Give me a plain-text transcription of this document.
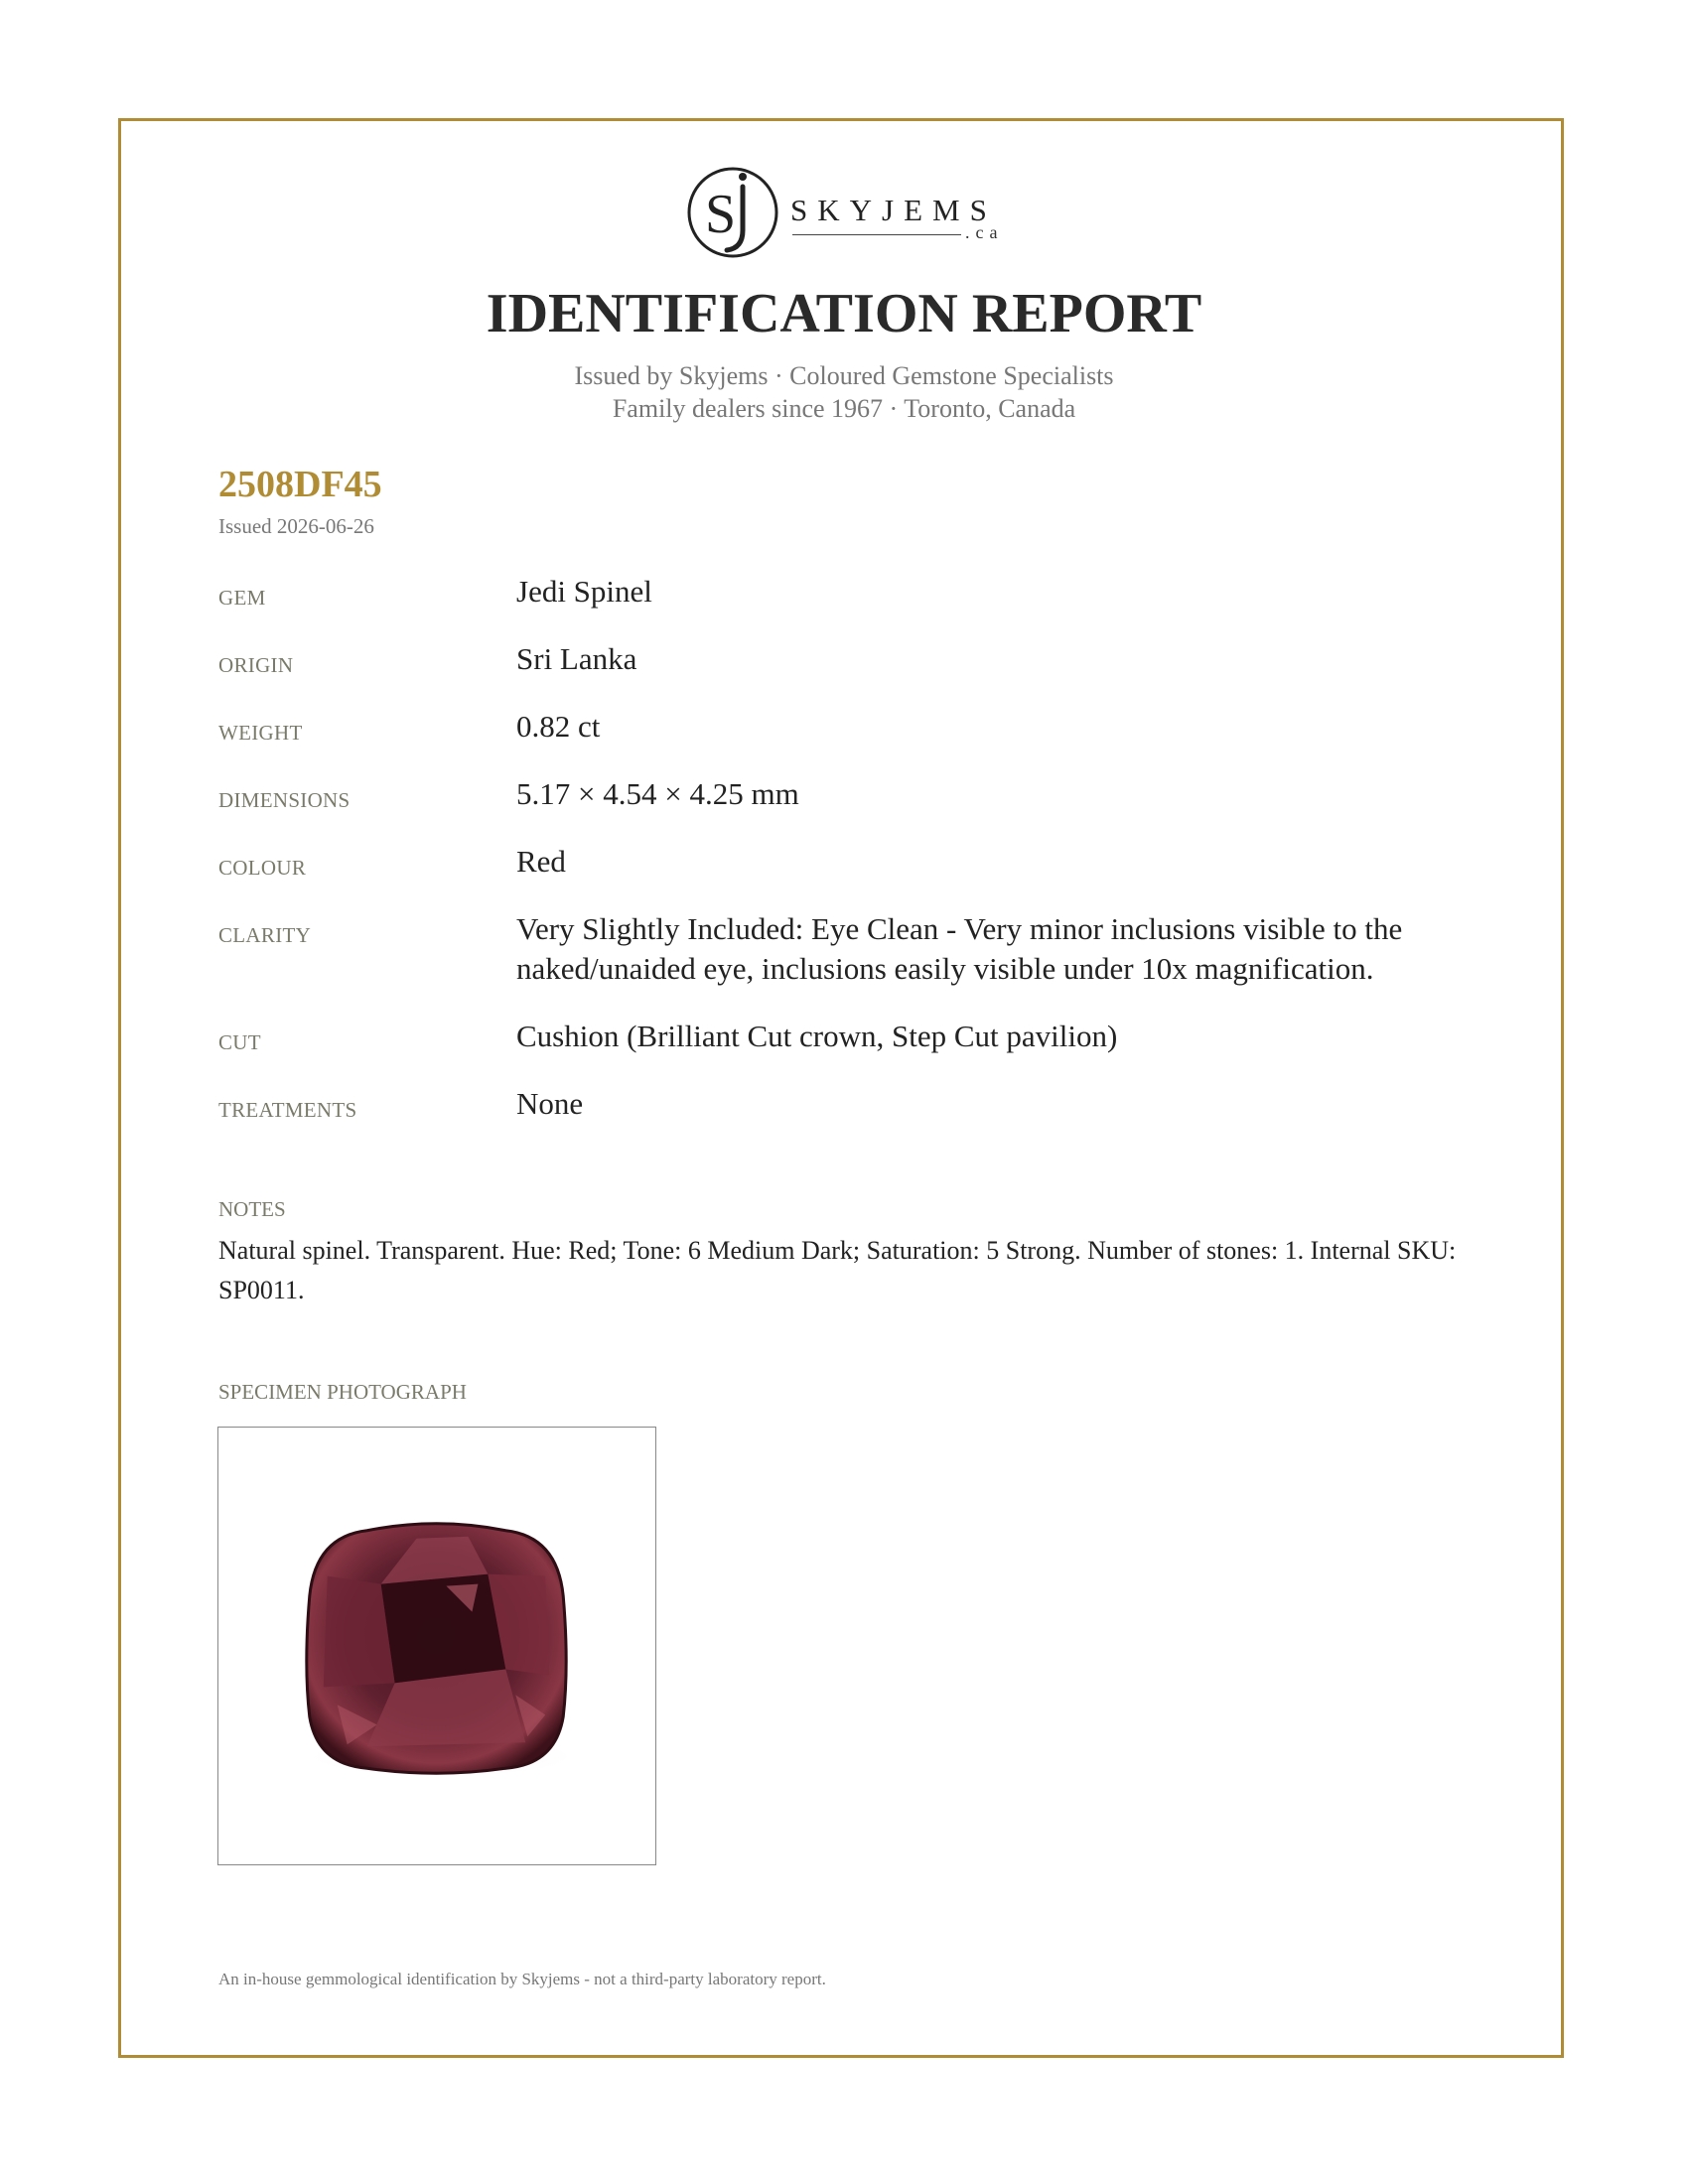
S SKYJEMS
.ca
IDENTIFICATION REPORT

Issued by Skyjems · Coloured Gemstone Specialists

Family dealers since 1967 · Toronto, Canada

2508DF45
Issued 2026-06-26
GEM	Jedi Spinel
ORIGIN	Sri Lanka
WEIGHT	0.82 ct
DIMENSIONS	5.17 × 4.54 × 4.25 mm
COLOUR	Red
CLARITY	Very Slightly Included: Eye Clean - Very minor inclusions visible to the naked/unaided eye, inclusions easily visible under 10x magnification.
CUT	Cushion (Brilliant Cut crown, Step Cut pavilion)
TREATMENTS	None
NOTES
Natural spinel. Transparent. Hue: Red; Tone: 6 Medium Dark; Saturation: 5 Strong. Number of stones: 1. Internal SKU: SP0011.
SPECIMEN PHOTOGRAPH
An in-house gemmological identification by Skyjems - not a third-party laboratory report.
